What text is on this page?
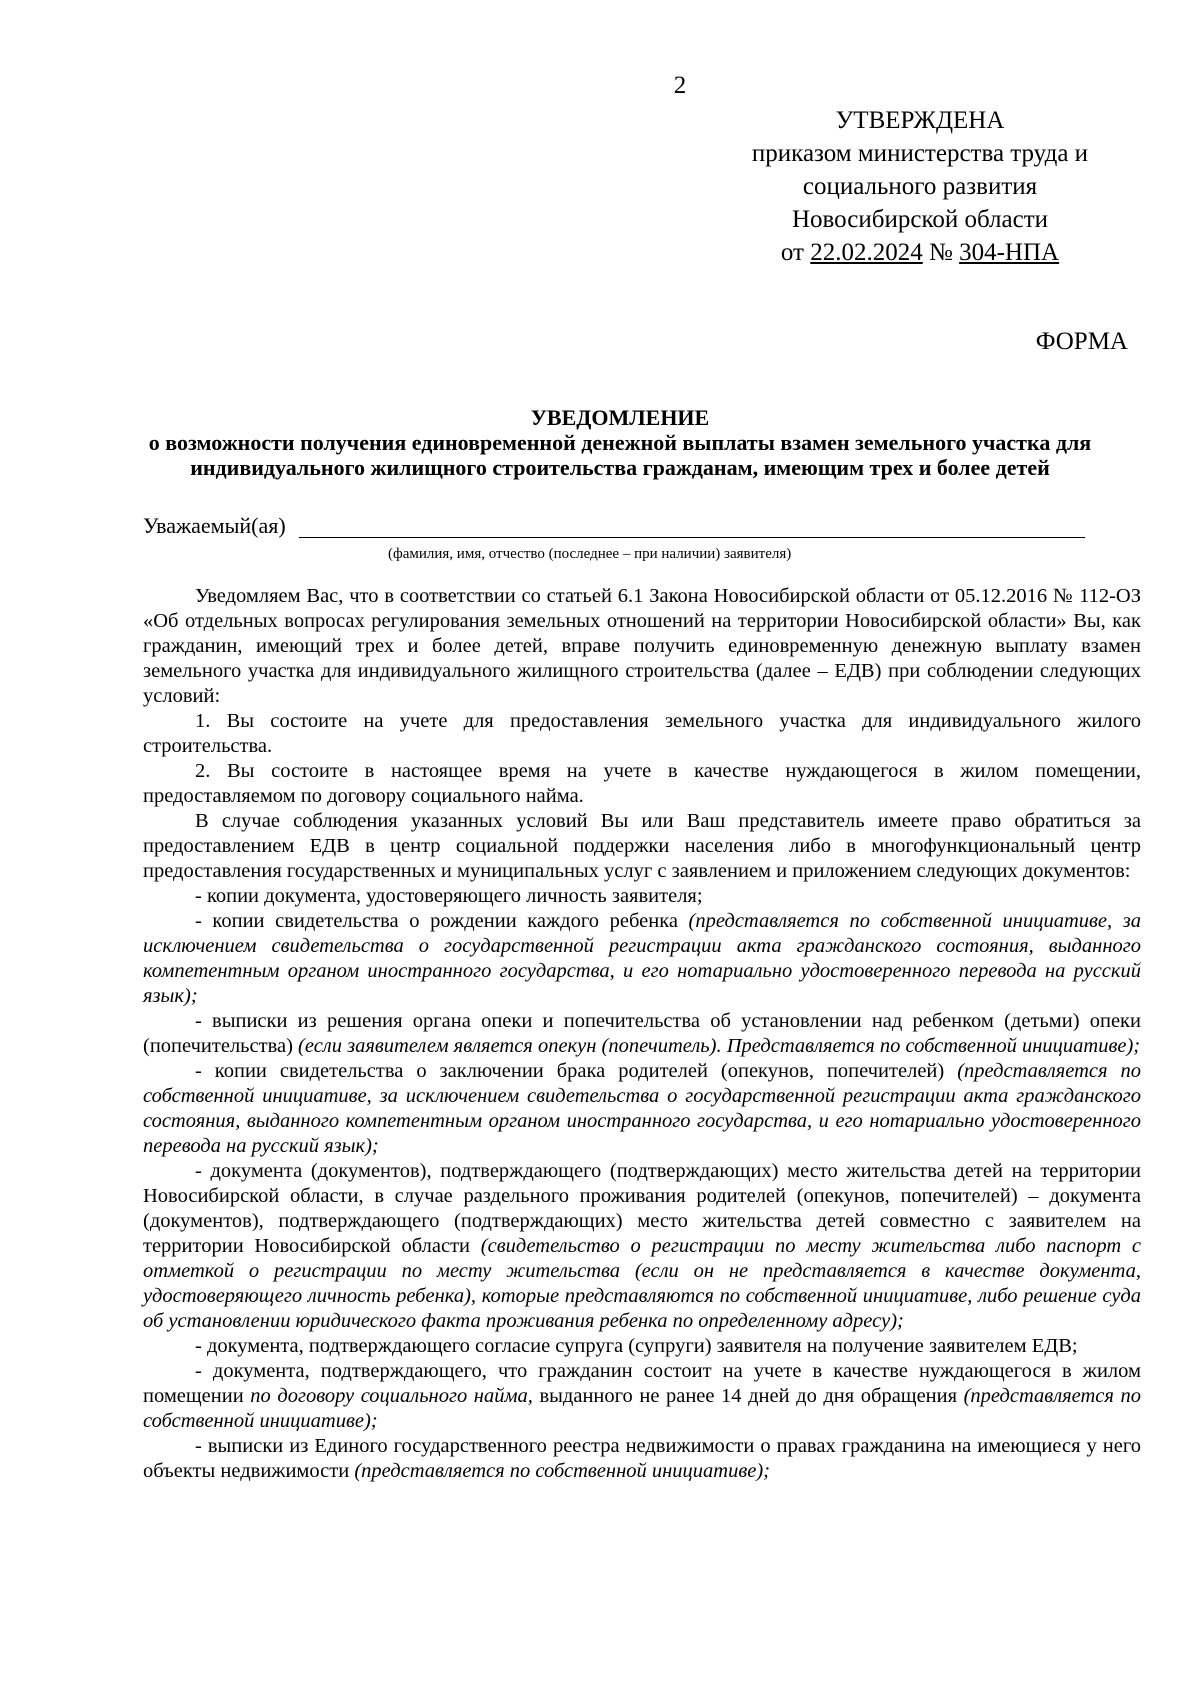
2
УТВЕРЖДЕНА
приказом министерства труда и
социального развития
Новосибирской области
от 22.02.2024 № 304-НПА
ФОРМА
УВЕДОМЛЕНИЕ
о возможности получения единовременной денежной выплаты взамен земельного участка для
индивидуального жилищного строительства гражданам, имеющим трех и более детей
Уважаемый(ая)
(фамилия, имя, отчество (последнее – при наличии) заявителя)

Уведомляем Вас, что в соответствии со статьей 6.1 Закона Новосибирской области от 05.12.2016 № 112-ОЗ «Об отдельных вопросах регулирования земельных отношений на территории Новосибирской области» Вы, как гражданин, имеющий трех и более детей, вправе получить единовременную денежную выплату взамен земельного участка для индивидуального жилищного строительства (далее – ЕДВ) при соблюдении следующих условий:

1. Вы состоите на учете для предоставления земельного участка для индивидуального жилого строительства.

2. Вы состоите в настоящее время на учете в качестве нуждающегося в жилом помещении, предоставляемом по договору социального найма.

В случае соблюдения указанных условий Вы или Ваш представитель имеете право обратиться за предоставлением ЕДВ в центр социальной поддержки населения либо в многофункциональный центр предоставления государственных и муниципальных услуг с заявлением и приложением следующих документов:

- копии документа, удостоверяющего личность заявителя;

- копии свидетельства о рождении каждого ребенка (представляется по собственной инициативе, за исключением свидетельства о государственной регистрации акта гражданского состояния, выданного компетентным органом иностранного государства, и его нотариально удостоверенного перевода на русский язык);

- выписки из решения органа опеки и попечительства об установлении над ребенком (детьми) опеки (попечительства) (если заявителем является опекун (попечитель). Представляется по собственной инициативе);

- копии свидетельства о заключении брака родителей (опекунов, попечителей) (представляется по собственной инициативе, за исключением свидетельства о государственной регистрации акта гражданского состояния, выданного компетентным органом иностранного государства, и его нотариально удостоверенного перевода на русский язык);

- документа (документов), подтверждающего (подтверждающих) место жительства детей на территории Новосибирской области, в случае раздельного проживания родителей (опекунов, попечителей) – документа (документов), подтверждающего (подтверждающих) место жительства детей совместно с заявителем на территории Новосибирской области (свидетельство о регистрации по месту жительства либо паспорт с отметкой о регистрации по месту жительства (если он не представляется в качестве документа, удостоверяющего личность ребенка), которые представляются по собственной инициативе, либо решение суда об установлении юридического факта проживания ребенка по определенному адресу);

- документа, подтверждающего согласие супруга (супруги) заявителя на получение заявителем ЕДВ;

- документа, подтверждающего, что гражданин состоит на учете в качестве нуждающегося в жилом помещении по договору социального найма, выданного не ранее 14 дней до дня обращения (представляется по собственной инициативе);

- выписки из Единого государственного реестра недвижимости о правах гражданина на имеющиеся у него объекты недвижимости (представляется по собственной инициативе);
